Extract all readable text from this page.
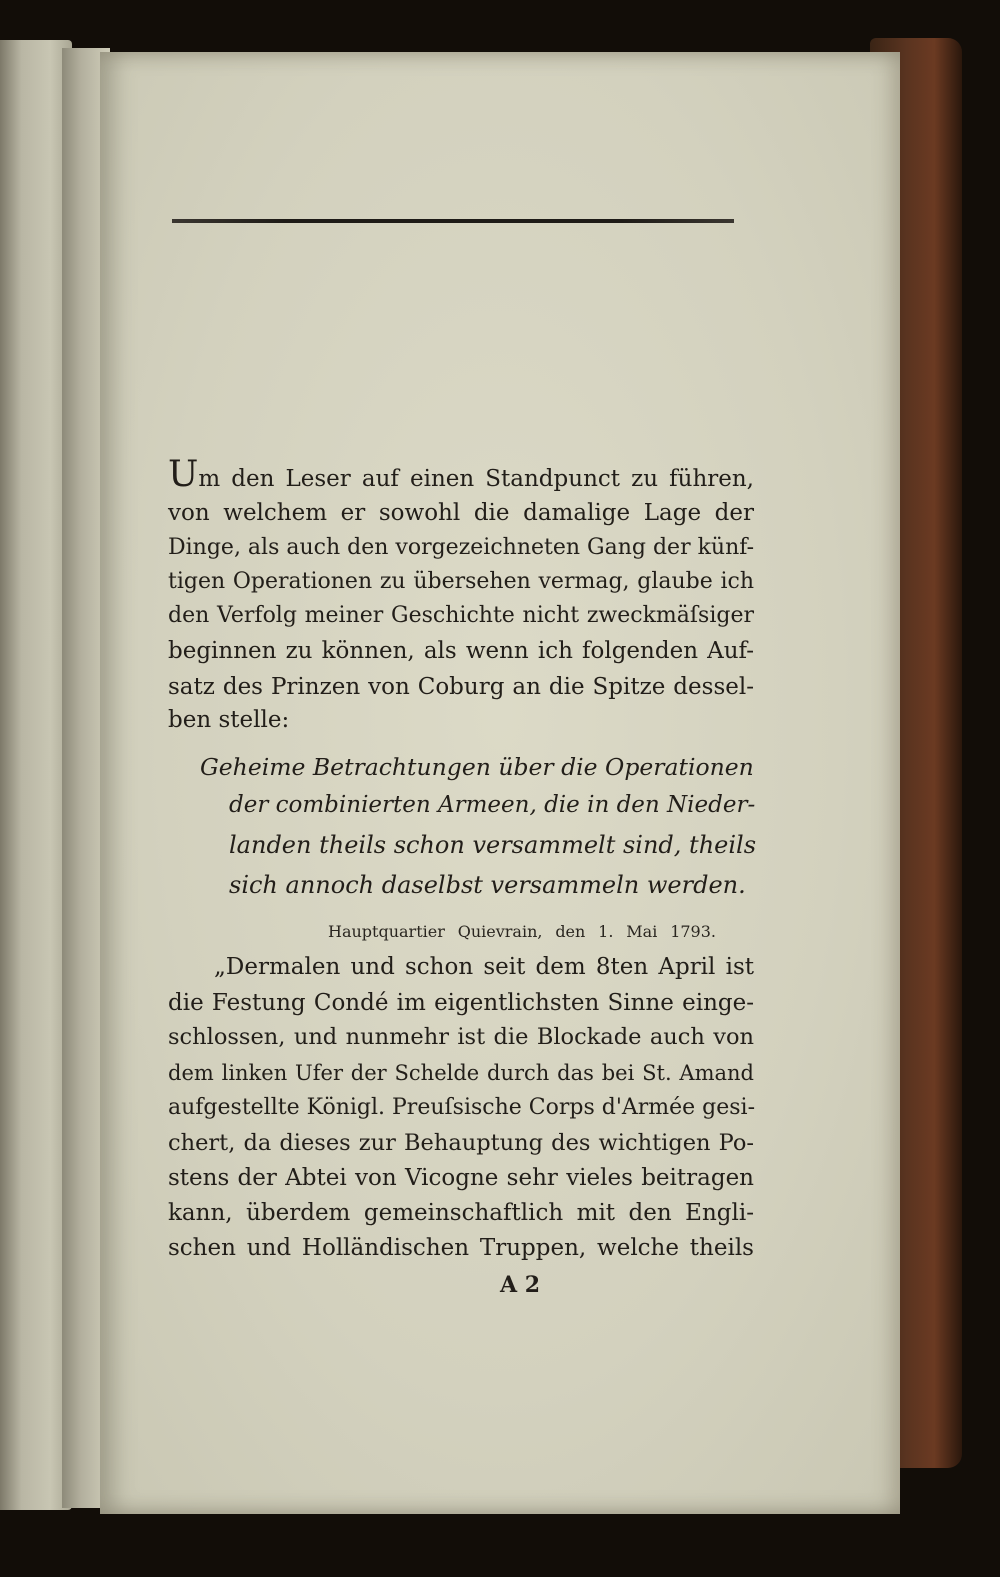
Um den Leser auf einen Standpunct zu führen,
von welchem er sowohl die damalige Lage der
Dinge, als auch den vorgezeichneten Gang der künf-
tigen Operationen zu übersehen vermag, glaube ich
den Verfolg meiner Geschichte nicht zweckmäſsiger
beginnen zu können, als wenn ich folgenden Auf-
satz des Prinzen von Coburg an die Spitze dessel-
ben stelle:
Geheime Betrachtungen über die Operationen
der combinierten Armeen, die in den Nieder-
landen theils schon versammelt sind, theils
sich annoch daselbst versammeln werden.
Hauptquartier Quievrain, den 1. Mai 1793.
„Dermalen und schon seit dem 8ten April ist
die Festung Condé im eigentlichsten Sinne einge-
schlossen, und nunmehr ist die Blockade auch von
dem linken Ufer der Schelde durch das bei St. Amand
aufgestellte Königl. Preuſsische Corps d'Armée gesi-
chert, da dieses zur Behauptung des wichtigen Po-
stens der Abtei von Vicogne sehr vieles beitragen
kann, überdem gemeinschaftlich mit den Engli-
schen und Holländischen Truppen, welche theils
A 2
